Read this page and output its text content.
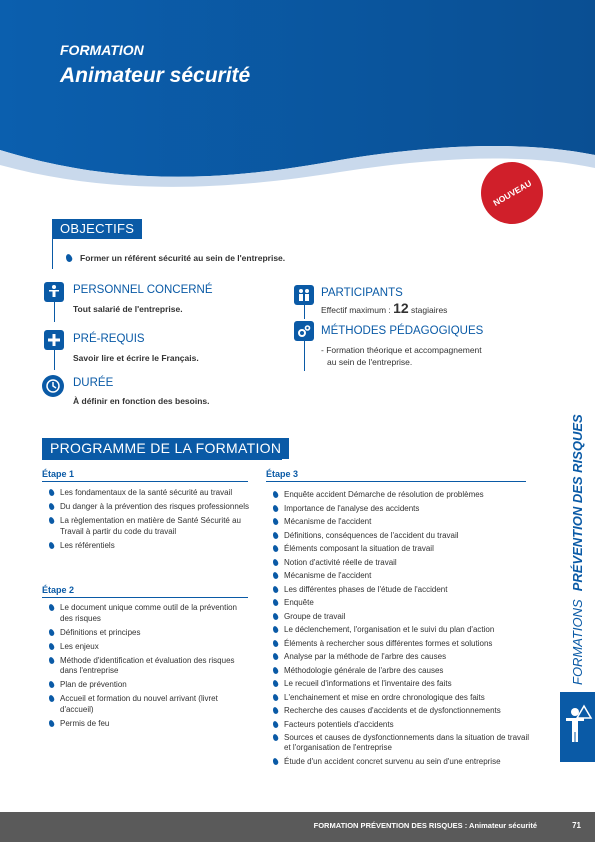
FORMATION
Animateur sécurité
NOUVEAU
OBJECTIFS
Former un référent sécurité au sein de l'entreprise.
PERSONNEL CONCERNÉ
Tout salarié de l'entreprise.
PRÉ-REQUIS
Savoir lire et écrire le Français.
DURÉE
À définir en fonction des besoins.
PARTICIPANTS
Effectif maximum : 12 stagiaires
MÉTHODES PÉDAGOGIQUES
- Formation théorique et accompagnement
au sein de l'entreprise.
PROGRAMME DE LA FORMATION
Étape 1
Les fondamentaux de la santé sécurité au travail
Du danger à la prévention des risques professionnels
La règlementation en matière de Santé Sécurité au Travail à partir du code du travail
Les référentiels
Étape 2
Le document unique comme outil de la prévention des risques
Définitions et principes
Les enjeux
Méthode d'identification et évaluation des risques dans l'entreprise
Plan de prévention
Accueil et formation du nouvel arrivant (livret d'accueil)
Permis de feu
Étape 3
Enquête accident Démarche de résolution de problèmes
Importance de l'analyse des accidents
Mécanisme de l'accident
Définitions, conséquences de l'accident du travail
Éléments composant la situation de travail
Notion d'activité réelle de travail
Mécanisme de l'accident
Les différentes phases de l'étude de l'accident
Enquête
Groupe de travail
Le déclenchement, l'organisation et le suivi du plan d'action
Éléments à rechercher sous différentes formes et solutions
Analyse par la méthode de l'arbre des causes
Méthodologie générale de l'arbre des causes
Le recueil d'informations et l'inventaire des faits
L'enchainement et mise en ordre chronologique des faits
Recherche des causes d'accidents et de dysfonctionnements
Facteurs potentiels d'accidents
Sources et causes de dysfonctionnements dans la situation de travail et l'organisation de l'entreprise
Étude d'un accident concret survenu au sein d'une entreprise
FORMATIONS
PRÉVENTION DES RISQUES
FORMATION PRÉVENTION DES RISQUES : Animateur sécurité	71
